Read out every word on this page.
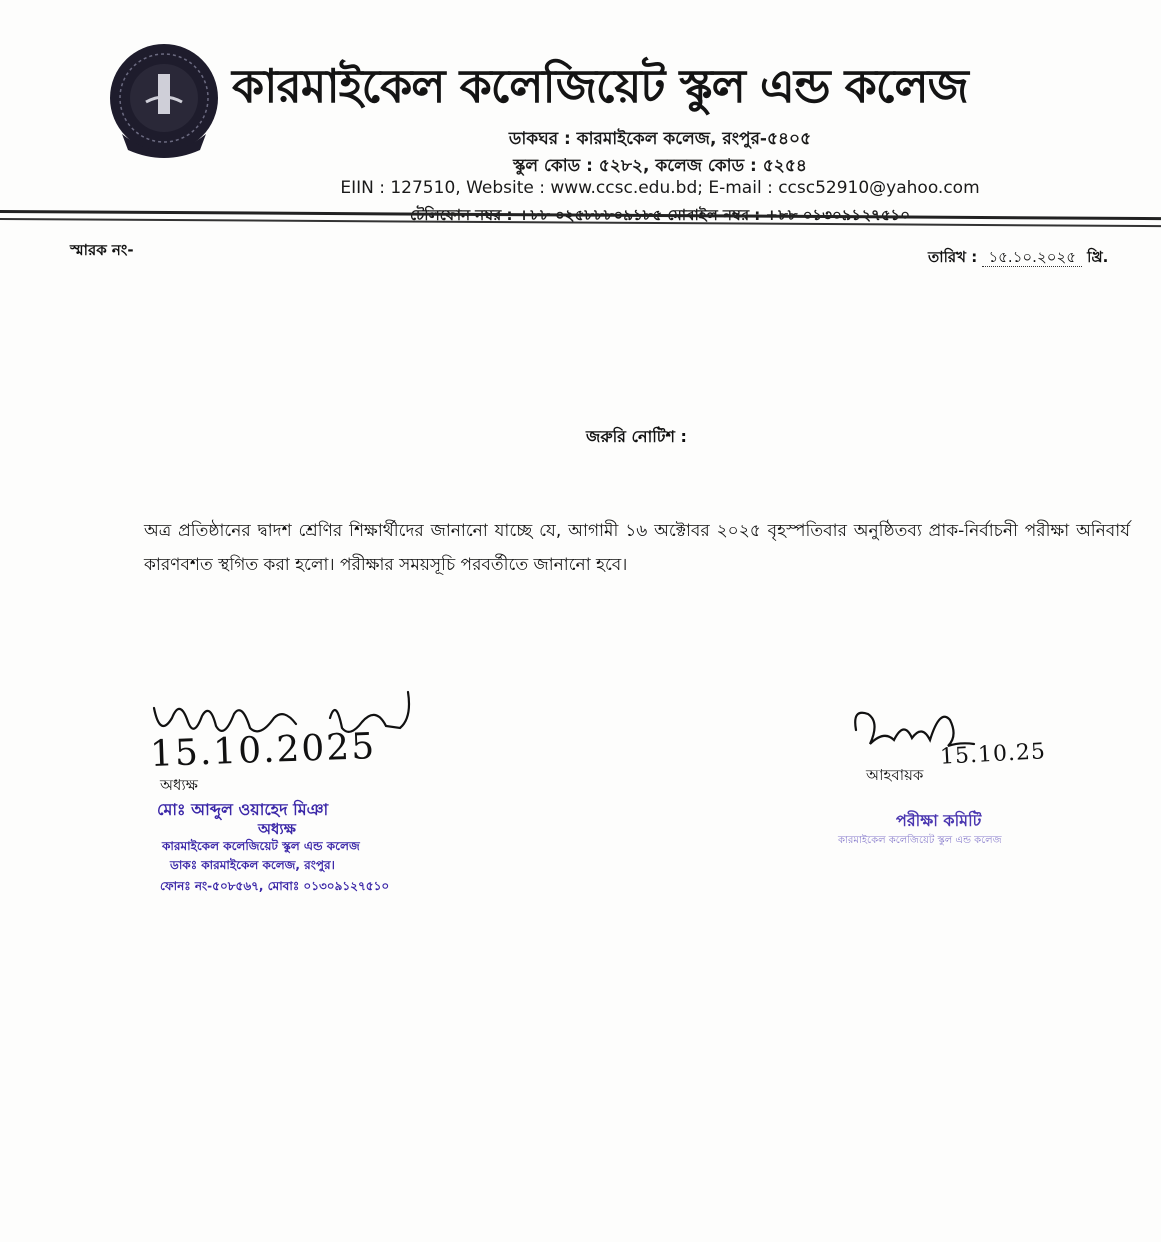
কারমাইকেল কলেজিয়েট স্কুল এন্ড কলেজ
ডাকঘর : কারমাইকেল কলেজ, রংপুর-৫৪০৫
স্কুল কোড : ৫২৮২, কলেজ কোড : ৫২৫৪
EIIN : 127510, Website : www.ccsc.edu.bd; E-mail : ccsc52910@yahoo.com
স্মারক নং-	তারিখ : ১৫.১০.২০২৫ খ্রি.
জরুরি নোটিশ :
অত্র প্রতিষ্ঠানের দ্বাদশ শ্রেণির শিক্ষার্থীদের জানানো যাচ্ছে যে, আগামী ১৬ অক্টোবর ২০২৫ বৃহস্পতিবার অনুষ্ঠিতব্য প্রাক-নির্বাচনী পরীক্ষা অনিবার্য কারণবশত স্থগিত করা হলো। পরীক্ষার সময়সূচি পরবর্তীতে জানানো হবে।
15.10.2025
অধ্যক্ষ
মোঃ আব্দুল ওয়াহেদ মিঞা
অধ্যক্ষ
কারমাইকেল কলেজিয়েট স্কুল এন্ড কলেজ
ডাকঃ কারমাইকেল কলেজ, রংপুর।
ফোনঃ নং-৫০৮৫৬৭, মোবাঃ ০১৩০৯১২৭৫১০
15.10.25
আহবায়ক
পরীক্ষা কমিটি
কারমাইকেল কলেজিয়েট স্কুল এন্ড কলেজ
